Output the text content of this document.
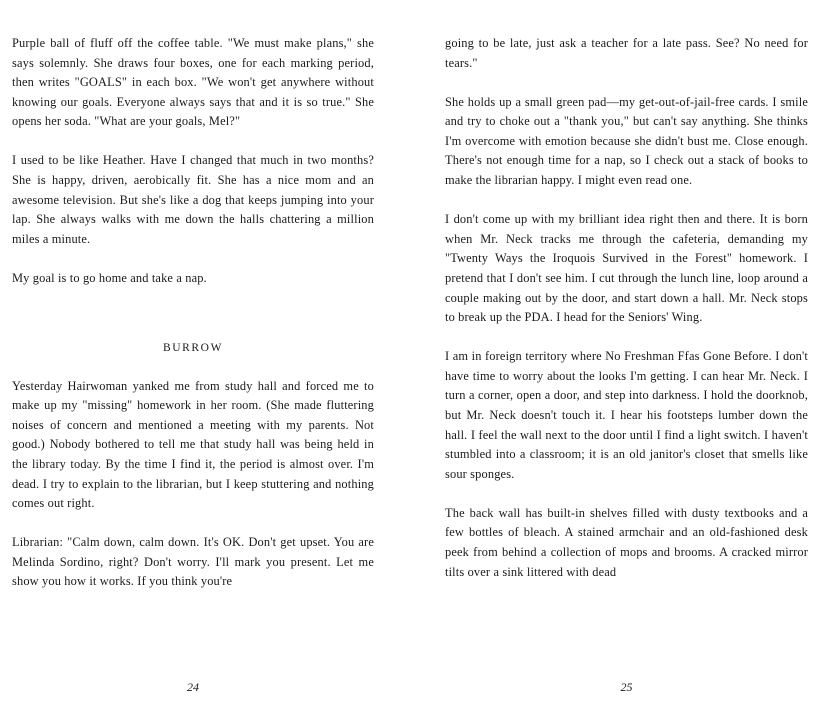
Purple ball of fluff off the coffee table. "We must make plans," she says solemnly. She draws four boxes, one for each marking period, then writes "GOALS" in each box. "We won't get anywhere without knowing our goals. Everyone always says that and it is so true." She opens her soda. "What are your goals, Mel?"

I used to be like Heather. Have I changed that much in two months? She is happy, driven, aerobically fit. She has a nice mom and an awesome television. But she's like a dog that keeps jumping into your lap. She always walks with me down the halls chattering a million miles a minute.

My goal is to go home and take a nap.

BURROW

Yesterday Hairwoman yanked me from study hall and forced me to make up my "missing" homework in her room. (She made fluttering noises of concern and mentioned a meeting with my parents. Not good.) Nobody bothered to tell me that study hall was being held in the library today. By the time I find it, the period is almost over. I'm dead. I try to explain to the librarian, but I keep stuttering and nothing comes out right.

Librarian: "Calm down, calm down. It's OK. Don't get upset. You are Melinda Sordino, right? Don't worry. I'll mark you present. Let me show you how it works. If you think you're

24

going to be late, just ask a teacher for a late pass. See? No need for tears."

She holds up a small green pad—my get-out-of-jail-free cards. I smile and try to choke out a "thank you," but can't say anything. She thinks I'm overcome with emotion because she didn't bust me. Close enough. There's not enough time for a nap, so I check out a stack of books to make the librarian happy. I might even read one.

I don't come up with my brilliant idea right then and there. It is born when Mr. Neck tracks me through the cafeteria, demanding my "Twenty Ways the Iroquois Survived in the Forest" homework. I pretend that I don't see him. I cut through the lunch line, loop around a couple making out by the door, and start down a hall. Mr. Neck stops to break up the PDA. I head for the Seniors' Wing.

I am in foreign territory where No Freshman Ffas Gone Before. I don't have time to worry about the looks I'm getting. I can hear Mr. Neck. I turn a corner, open a door, and step into darkness. I hold the doorknob, but Mr. Neck doesn't touch it. I hear his footsteps lumber down the hall. I feel the wall next to the door until I find a light switch. I haven't stumbled into a classroom; it is an old janitor's closet that smells like sour sponges.

The back wall has built-in shelves filled with dusty textbooks and a few bottles of bleach. A stained armchair and an old-fashioned desk peek from behind a collection of mops and brooms. A cracked mirror tilts over a sink littered with dead

25
